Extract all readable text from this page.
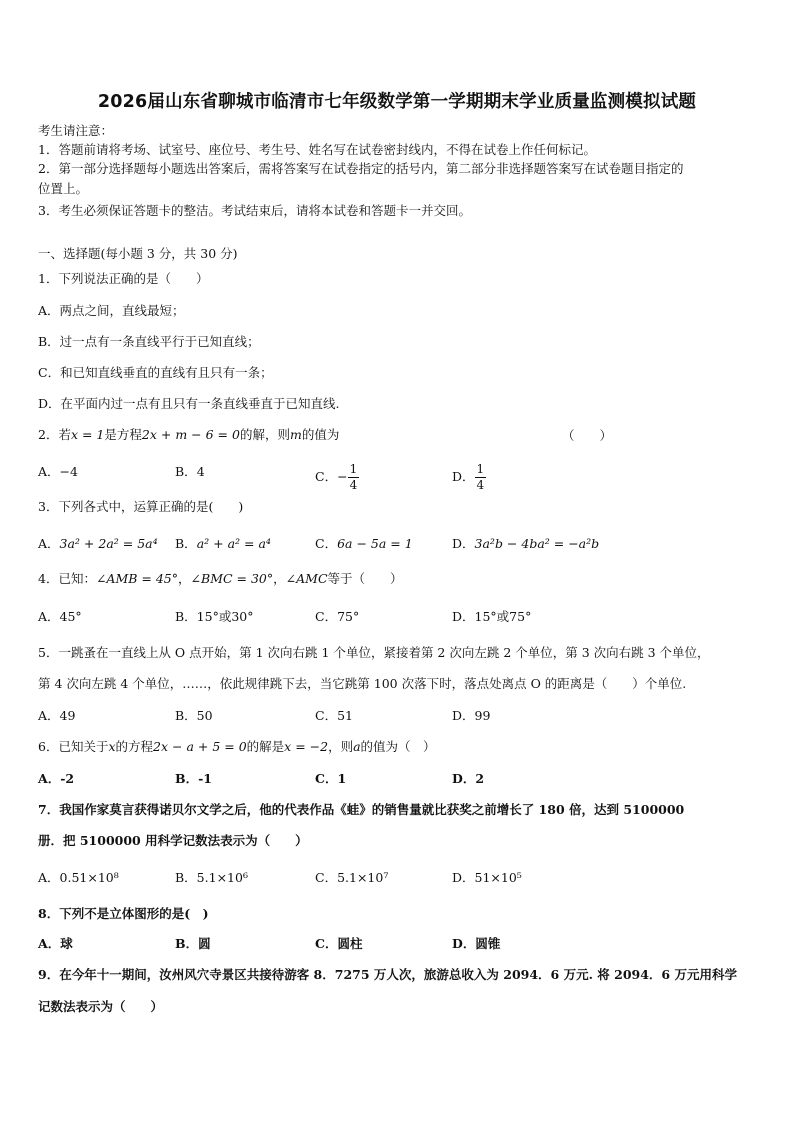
2026届山东省聊城市临清市七年级数学第一学期期末学业质量监测模拟试题
考生请注意：
1．答题前请将考场、试室号、座位号、考生号、姓名写在试卷密封线内，不得在试卷上作任何标记。
2．第一部分选择题每小题选出答案后，需将答案写在试卷指定的括号内，第二部分非选择题答案写在试卷题目指定的
位置上。
3．考生必须保证答题卡的整洁。考试结束后，请将本试卷和答题卡一并交回。
一、选择题(每小题 3 分，共 30 分)
1．下列说法正确的是（　　）
A．两点之间，直线最短；
B．过一点有一条直线平行于已知直线；
C．和已知直线垂直的直线有且只有一条；
D．在平面内过一点有且只有一条直线垂直于已知直线.
2．若x = 1是方程2x + m − 6 = 0的解，则m的值为	（　　）
A．−4	B．4	C．− $\frac{1}{4}$	D． $\frac{1}{4}$
3．下列各式中，运算正确的是(　　)
A．3a² + 2a² = 5a⁴ B．a² + a² = a⁴	C．6a − 5a = 1	D．3a²b − 4ba² = −a²b
4．已知：∠AMB = 45°，∠BMC = 30°，∠AMC等于（　　）
A．45°	B．15°或30°	C．75°	D．15°或75°
5．一跳蚤在一直线上从 O 点开始，第 1 次向右跳 1 个单位，紧接着第 2 次向左跳 2 个单位，第 3 次向右跳 3 个单位，
第 4 次向左跳 4 个单位，……，依此规律跳下去，当它跳第 100 次落下时，落点处离点 O 的距离是（　　）个单位.
A．49	B．50	C．51	D．99
6．已知关于x的方程2x − a + 5 = 0的解是x = −2，则a的值为（　）
A．-2	B．-1	C．1	D．2
7．我国作家莫言获得诺贝尔文学之后，他的代表作品《蛙》的销售量就比获奖之前增长了 180 倍，达到 5100000
册．把 5100000 用科学记数法表示为（　　）
A．0.51×10⁸	B．5.1×10⁶	C．5.1×10⁷	D．51×10⁵
8．下列不是立体图形的是(　)
A．球	B．圆	C．圆柱	D．圆锥
9．在今年十一期间，汝州风穴寺景区共接待游客 8．7275 万人次，旅游总收入为 2094．6 万元. 将 2094．6 万元用科学
记数法表示为（　　）
